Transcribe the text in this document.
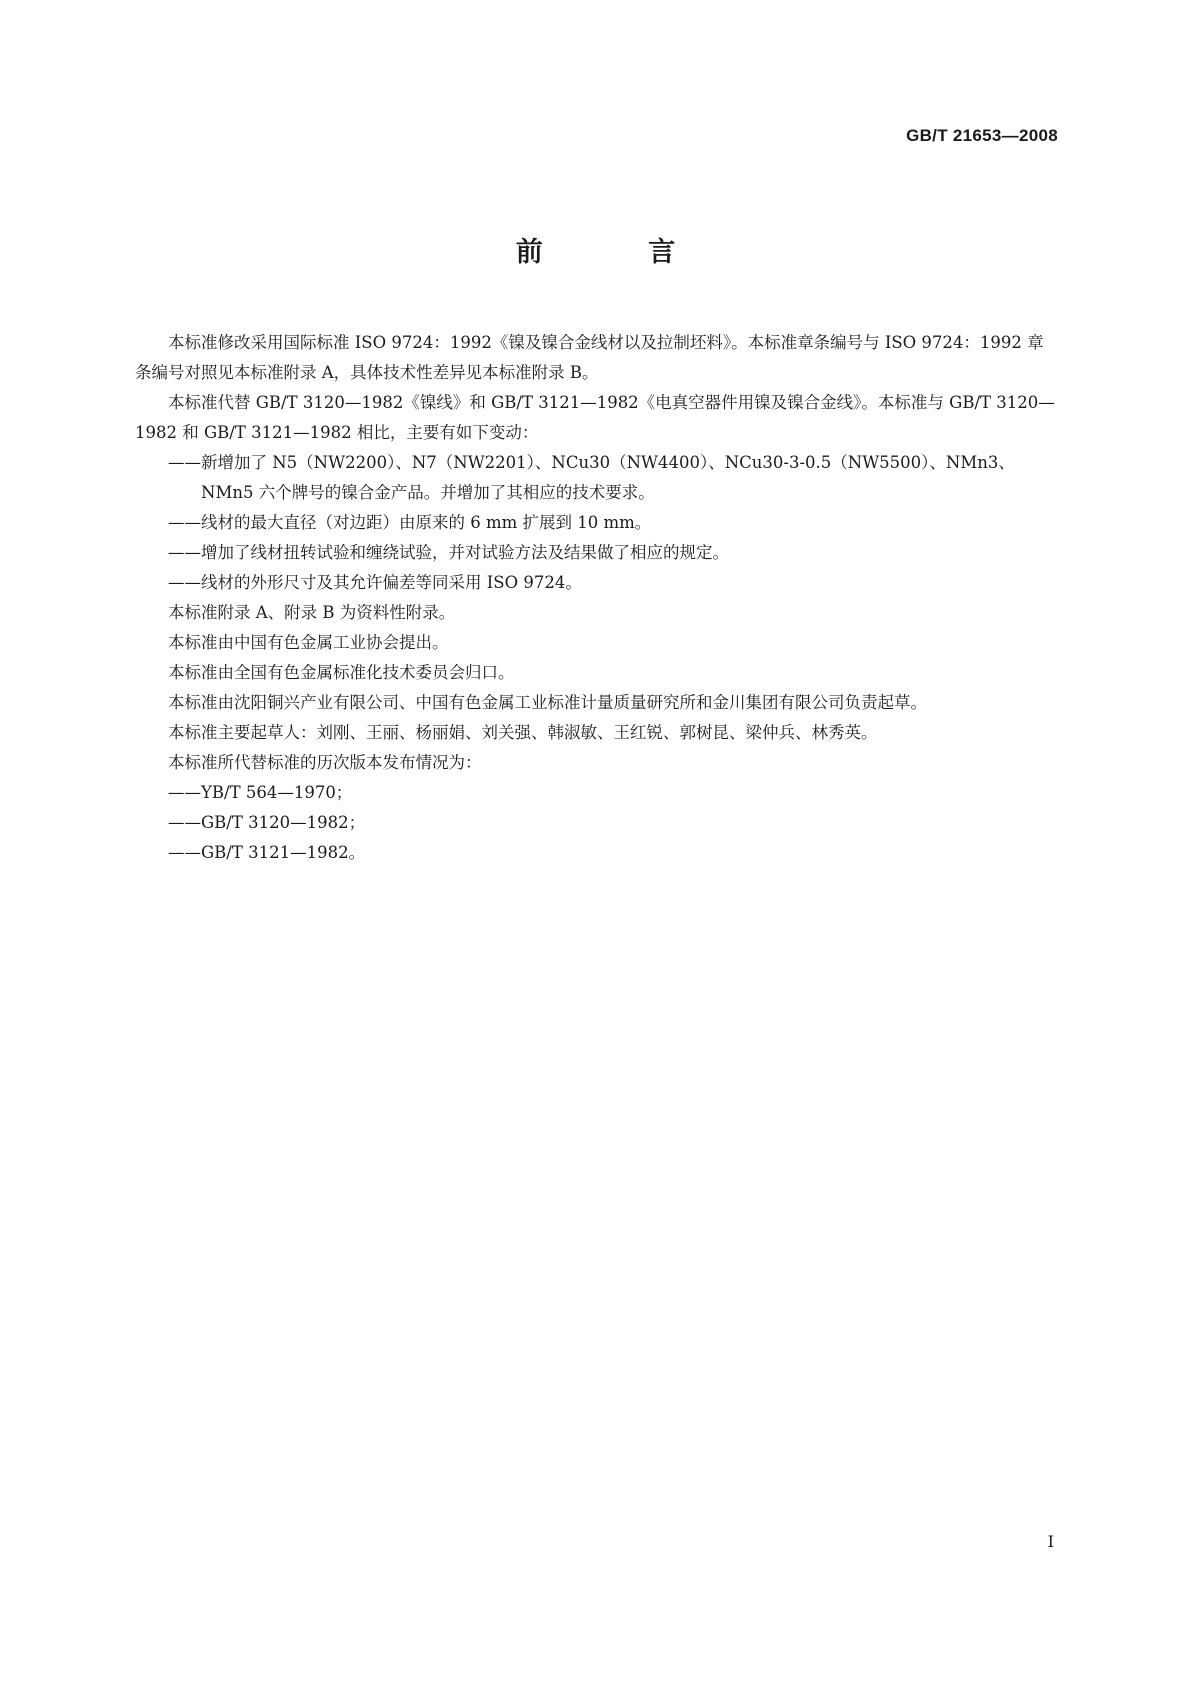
GB/T 21653—2008
前 言

本标准修改采用国际标准 ISO 9724：1992《镍及镍合金线材以及拉制坯料》。本标准章条编号与 ISO 9724：1992 章条编号对照见本标准附录 A，具体技术性差异见本标准附录 B。

本标准代替 GB/T 3120—1982《镍线》和 GB/T 3121—1982《电真空器件用镍及镍合金线》。本标准与 GB/T 3120—1982 和 GB/T 3121—1982 相比，主要有如下变动：

——新增加了 N5（NW2200）、N7（NW2201）、NCu30（NW4400）、NCu30-3-0.5（NW5500）、NMn3、NMn5 六个牌号的镍合金产品。并增加了其相应的技术要求。

——线材的最大直径（对边距）由原来的 6 mm 扩展到 10 mm。

——增加了线材扭转试验和缠绕试验，并对试验方法及结果做了相应的规定。

——线材的外形尺寸及其允许偏差等同采用 ISO 9724。

本标准附录 A、附录 B 为资料性附录。

本标准由中国有色金属工业协会提出。

本标准由全国有色金属标准化技术委员会归口。

本标准由沈阳铜兴产业有限公司、中国有色金属工业标准计量质量研究所和金川集团有限公司负责起草。

本标准主要起草人：刘刚、王丽、杨丽娟、刘关强、韩淑敏、王红锐、郭树昆、梁仲兵、林秀英。

本标准所代替标准的历次版本发布情况为：

——YB/T 564—1970；

——GB/T 3120—1982；

——GB/T 3121—1982。

I
